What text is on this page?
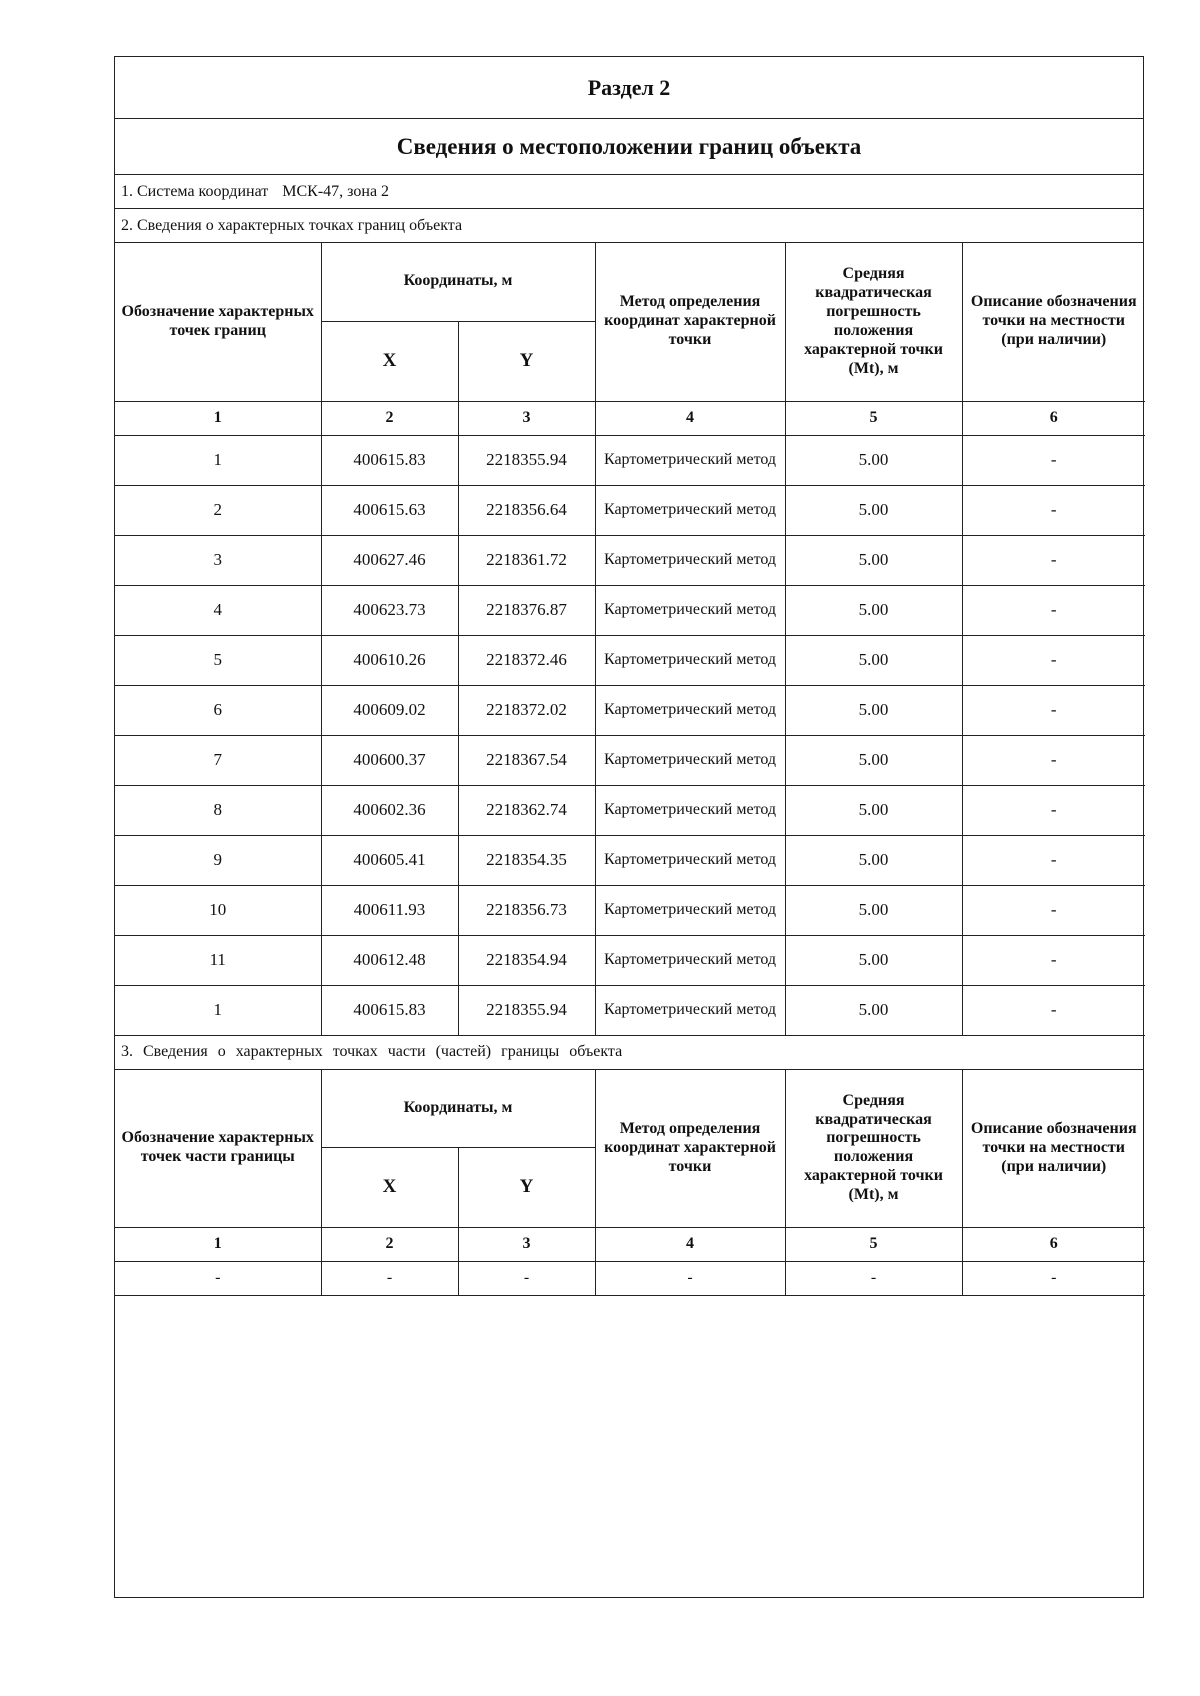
Раздел 2
Сведения о местоположении границ объекта
1. Система координат МСК-47, зона 2
2. Сведения о характерных точках границ объекта
Обозначение характерных точек границ	Координаты, м		Метод определения координат характерной точки	Средняя квадратическая погрешность положения характерной точки (Mt), м	Описание обозначения точки на местности (при наличии)
	X	Y			
1	2	3	4	5	6
1	400615.83	2218355.94	Картометрический метод	5.00	-
2	400615.63	2218356.64	Картометрический метод	5.00	-
3	400627.46	2218361.72	Картометрический метод	5.00	-
4	400623.73	2218376.87	Картометрический метод	5.00	-
5	400610.26	2218372.46	Картометрический метод	5.00	-
6	400609.02	2218372.02	Картометрический метод	5.00	-
7	400600.37	2218367.54	Картометрический метод	5.00	-
8	400602.36	2218362.74	Картометрический метод	5.00	-
9	400605.41	2218354.35	Картометрический метод	5.00	-
10	400611.93	2218356.73	Картометрический метод	5.00	-
11	400612.48	2218354.94	Картометрический метод	5.00	-
1	400615.83	2218355.94	Картометрический метод	5.00	-
3. Сведения о характерных точках части (частей) границы объекта
Обозначение характерных точек части границы	Координаты, м		Метод определения координат характерной точки	Средняя квадратическая погрешность положения характерной точки (Mt), м	Описание обозначения точки на местности (при наличии)
	X	Y			
1	2	3	4	5	6
-	-	-	-	-	-
